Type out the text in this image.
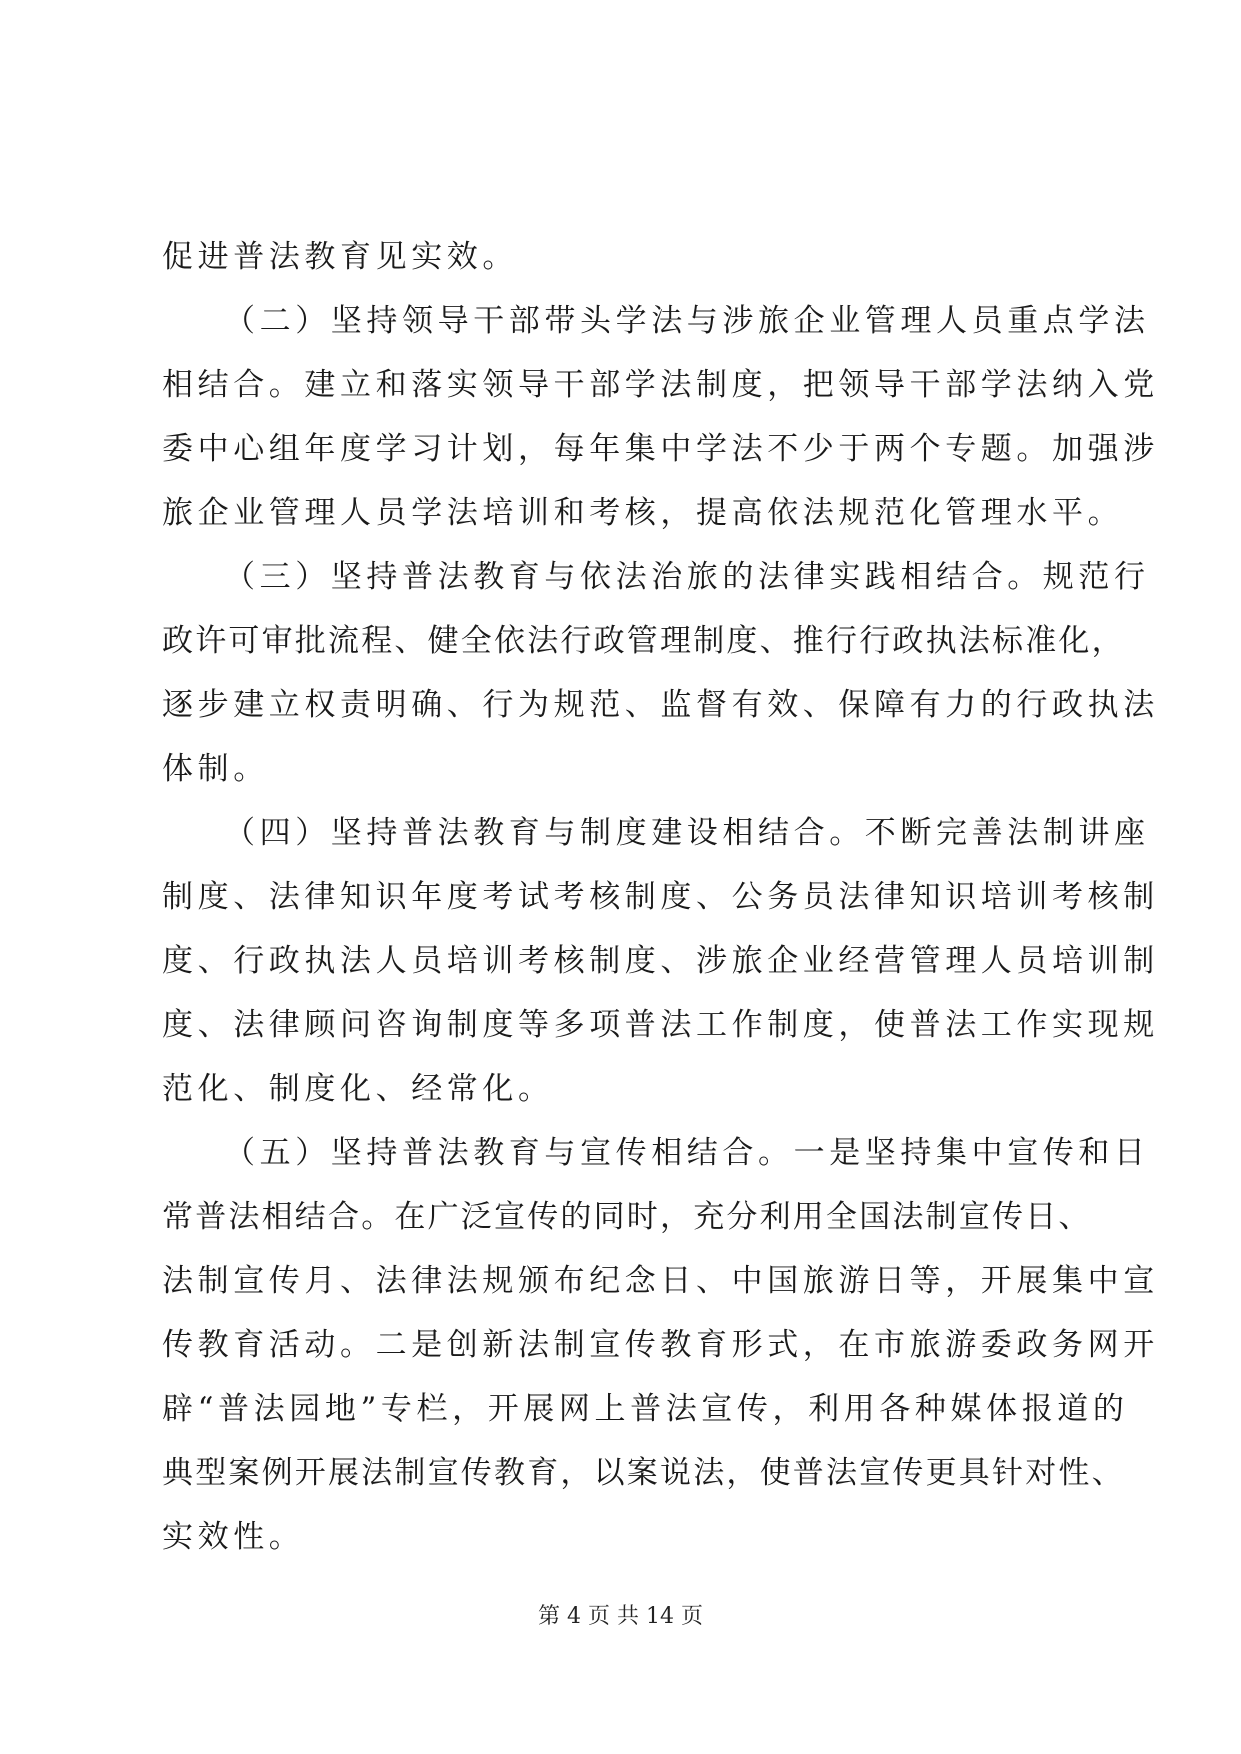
促进普法教育见实效。
（二）坚持领导干部带头学法与涉旅企业管理人员重点学法
相结合。建立和落实领导干部学法制度，把领导干部学法纳入党
委中心组年度学习计划，每年集中学法不少于两个专题。加强涉
旅企业管理人员学法培训和考核，提高依法规范化管理水平。
（三）坚持普法教育与依法治旅的法律实践相结合。规范行
政许可审批流程、健全依法行政管理制度、推行行政执法标准化，
逐步建立权责明确、行为规范、监督有效、保障有力的行政执法
体制。
（四）坚持普法教育与制度建设相结合。不断完善法制讲座
制度、法律知识年度考试考核制度、公务员法律知识培训考核制
度、行政执法人员培训考核制度、涉旅企业经营管理人员培训制
度、法律顾问咨询制度等多项普法工作制度，使普法工作实现规
范化、制度化、经常化。
（五）坚持普法教育与宣传相结合。一是坚持集中宣传和日
常普法相结合。在广泛宣传的同时，充分利用全国法制宣传日、
法制宣传月、法律法规颁布纪念日、中国旅游日等，开展集中宣
传教育活动。二是创新法制宣传教育形式，在市旅游委政务网开
辟“普法园地”专栏，开展网上普法宣传，利用各种媒体报道的
典型案例开展法制宣传教育，以案说法，使普法宣传更具针对性、
实效性。
第 4 页 共 14 页
